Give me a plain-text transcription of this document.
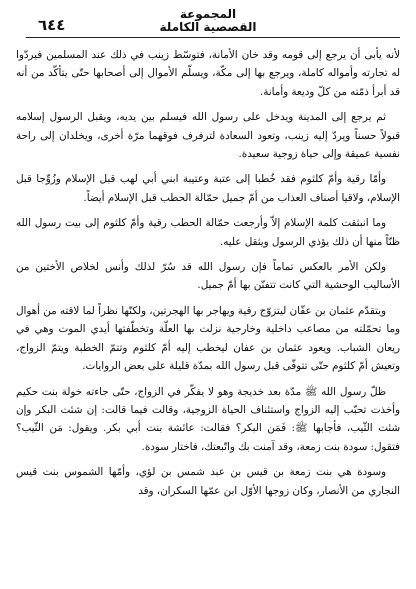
٦٤٤
المجموعة
القصصية الكاملة

لأنه يأبى أن يرجع إلى قومه وقد خان الأمانة، فتوسّط زينب في ذلك عند المسلمين فيردّوا له تجارته وأمواله كاملة، ويرجع بها إلى مكّة، ويسلّم الأموال إلى أصحابها حتّى يتأكّد من أنه قد أبرأ ذمّته من كلّ وديعة وأمانة.

ثم يرجع إلى المدينة ويدخل على رسول الله فيسلم بين يديه، ويقبل الرسول إسلامه قبولاً حسناً ويردّ إليه زينب، وتعود السعادة لترفرف فوقهما مرّة أخرى، ويخلدان إلى راحة نفسية عميقة وإلى حياة زوجية سعيدة.

وأمّا رقية وأمّ كلثوم فقد خُطبا إلى عتبة وعتيبة ابني أبي لهب قبل الإسلام وزُوِّجا قبل الإسلام، ولاقيا أصناف العذاب من أمّ جميل حمّالة الحطب قبل الإسلام أيضاً.

وما انبثقت كلمة الإسلام إلاّ وأرجعت حمّالة الحطب رقية وأمّ كلثوم إلى بيت رسول الله ظنّاً منها أن ذلك يؤذي الرسول ويثقل عليه.

ولكن الأمر بالعكس تماماً فإن رسول الله قد سُرّ لذلك وأنس لخلاص الأختين من الأساليب الوحشية التي كانت تتفنّن بها أمّ جميل.

ويتقدّم عثمان بن عفّان ليتزوّج رقية ويهاجر بها الهجرتين، ولكنّها نظراً لما لاقته من أهوال وما تحمّلته من مصاعب داخلية وخارجية نزلت بها العلّة وتخطّفتها أيدي الموت وهي في ريعان الشباب. ويعود عثمان بن عفان ليخطب إليه أمّ كلثوم وتتمّ الخطبة ويتمّ الزواج، وتعيش أمّ كلثوم حتّى تتوفّى قبل رسول الله بمدّة قليلة على بعض الروايات.

ظلّ رسول الله ﷺ مدّة بعد خديجة وهو لا يفكّر في الزواج، حتّى جاءته خولة بنت حكيم وأخذت تحبّب إليه الزواج واستئناف الحياة الزوجية، وقالت فيما قالت: إن شئت البكر وإن شئت الثّيب، فأجابها ﷺ: فَمَن البكر؟ فقالت: عائشة بنت أبي بكر. ويقول: مَن الثّيب؟ فتقول: سودة بنت زمعة، وقد آمنت بك واتّبعتك، فاختار سودة.

وسودة هي بنت زمعة بن قيس بن عبد شمس بن لؤي، وأمّها الشموس بنت قيس النجاري من الأنصار، وكان زوجها الأوّل ابن عمّها السكران، وقد
